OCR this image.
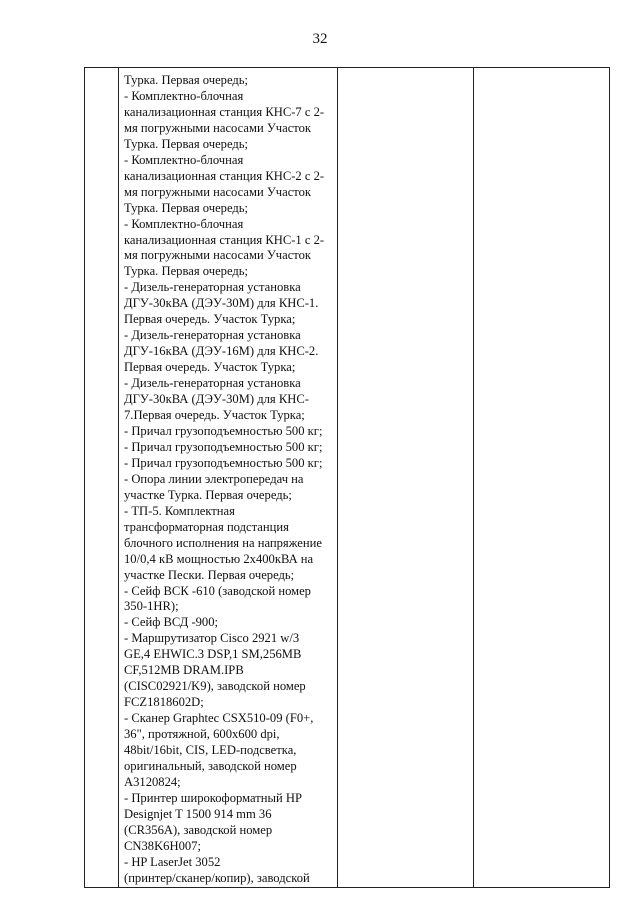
32

Турка. Первая очередь;
- Комплектно-блочная
канализационная станция КНС-7 с 2-
мя погружными насосами Участок
Турка. Первая очередь;
- Комплектно-блочная
канализационная станция КНС-2 с 2-
мя погружными насосами Участок
Турка. Первая очередь;
- Комплектно-блочная
канализационная станция КНС-1 с 2-
мя погружными насосами Участок
Турка. Первая очередь;
- Дизель-генераторная установка
ДГУ-30кВА (ДЭУ-30М) для КНС-1.
Первая очередь. Участок Турка;
- Дизель-генераторная установка
ДГУ-16кВА (ДЭУ-16М) для КНС-2.
Первая очередь. Участок Турка;
- Дизель-генераторная установка
ДГУ-30кВА (ДЭУ-30М) для КНС-
7.Первая очередь. Участок Турка;
- Причал грузоподъемностью 500 кг;
- Причал грузоподъемностью 500 кг;
- Причал грузоподъемностью 500 кг;
- Опора линии электропередач на
участке Турка. Первая очередь;
- ТП-5. Комплектная
трансформаторная подстанция
блочного исполнения на напряжение
10/0,4 кВ мощностью 2х400кВА на
участке Пески. Первая очередь;
- Сейф ВСК -610 (заводской номер
350-1HR);
- Сейф ВСД -900;
- Маршрутизатор Cisco 2921 w/3
GE,4 EHWIC.3 DSP,1 SM,256MB
CF,512MB DRAM.IPB
(CISC02921/K9), заводской номер
FCZ1818602D;
- Сканер Graphtec CSX510-09 (F0+,
36", протяжной, 600x600 dpi,
48bit/16bit, CIS, LED-подсветка,
оригинальный, заводской номер
A3120824;
- Принтер широкоформатный HP
Designjet T 1500 914 mm 36
(CR356A), заводской номер
CN38K6H007;
- HP LaserJet 3052
(принтер/сканер/копир), заводской
